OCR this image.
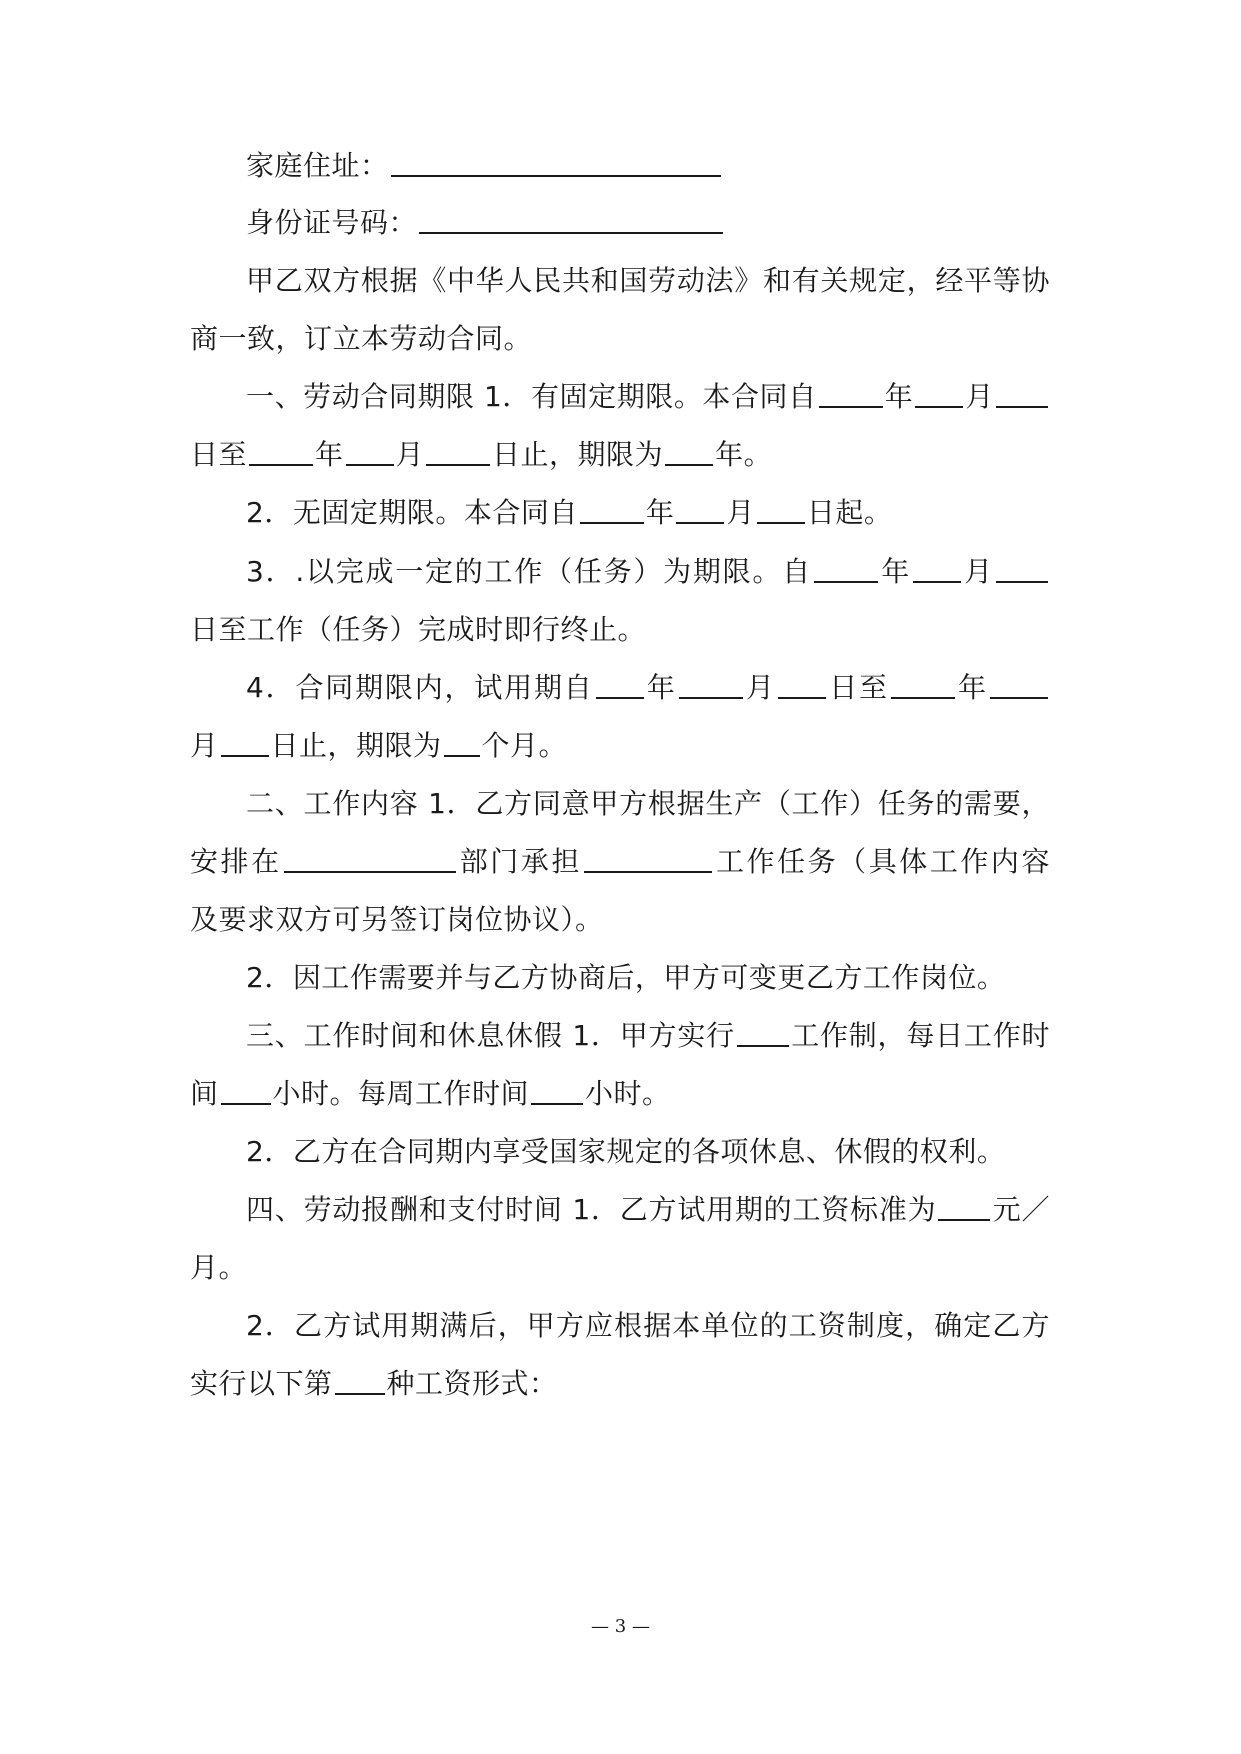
家庭住址：
身份证号码：
甲乙双方根据《中华人民共和国劳动法》和有关规定，经平等协
商一致，订立本劳动合同。
一、劳动合同期限 1．有固定期限。本合同自 年 月
日至 年 月 日止，期限为 年。
2．无固定期限。本合同自 年 月 日起。
3．.以完成一定的工作（任务）为期限。自 年 月
日至工作（任务）完成时即行终止。
4．合同期限内，试用期自 年 月 日至 年
月 日止，期限为 个月。
二、工作内容 1．乙方同意甲方根据生产（工作）任务的需要，
安排在	部门承担	工作任务（具体工作内容
及要求双方可另签订岗位协议）。
2．因工作需要并与乙方协商后，甲方可变更乙方工作岗位。
三、工作时间和休息休假 1．甲方实行 工作制，每日工作时
间 小时。每周工作时间 小时。
2．乙方在合同期内享受国家规定的各项休息、休假的权利。
四、劳动报酬和支付时间 1．乙方试用期的工资标准为 元／
月。
2．乙方试用期满后，甲方应根据本单位的工资制度，确定乙方
实行以下第 种工资形式：
— 3 —
